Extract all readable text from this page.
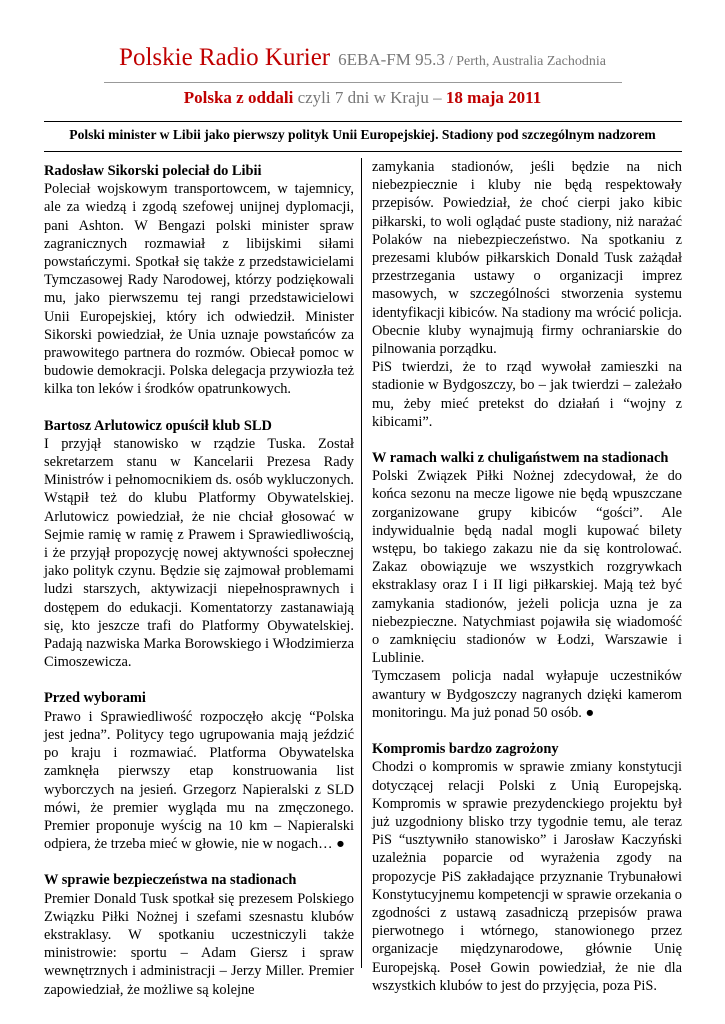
Polskie Radio Kurier 6EBA-FM 95.3 / Perth, Australia Zachodnia
Polska z oddali czyli 7 dni w Kraju – 18 maja 2011
Polski minister w Libii jako pierwszy polityk Unii Europejskiej. Stadiony pod szczególnym nadzorem
Radosław Sikorski poleciał do Libii

Poleciał wojskowym transportowcem, w tajemnicy, ale za wiedzą i zgodą szefowej unijnej dyplomacji, pani Ashton. W Bengazi polski minister spraw zagranicznych rozmawiał z libijskimi siłami powstańczymi. Spotkał się także z przedstawicielami Tymczasowej Rady Narodowej, którzy podziękowali mu, jako pierwszemu tej rangi przedstawicielowi Unii Europejskiej, który ich odwiedził. Minister Sikorski powiedział, że Unia uznaje powstańców za prawowitego partnera do rozmów. Obiecał pomoc w budowie demokracji. Polska delegacja przywiozła też kilka ton leków i środków opatrunkowych.

Bartosz Arlutowicz opuścił klub SLD

I przyjął stanowisko w rządzie Tuska. Został sekretarzem stanu w Kancelarii Prezesa Rady Ministrów i pełnomocnikiem ds. osób wykluczonych. Wstąpił też do klubu Platformy Obywatelskiej. Arlutowicz powiedział, że nie chciał głosować w Sejmie ramię w ramię z Prawem i Sprawiedliwością, i że przyjął propozycję nowej aktywności społecznej jako polityk czynu. Będzie się zajmował problemami ludzi starszych, aktywizacji niepełnosprawnych i dostępem do edukacji. Komentatorzy zastanawiają się, kto jeszcze trafi do Platformy Obywatelskiej. Padają nazwiska Marka Borowskiego i Włodzimierza Cimoszewicza.

Przed wyborami

Prawo i Sprawiedliwość rozpoczęło akcję “Polska jest jedna”. Politycy tego ugrupowania mają jeździć po kraju i rozmawiać. Platforma Obywatelska zamknęła pierwszy etap konstruowania list wyborczych na jesień. Grzegorz Napieralski z SLD mówi, że premier wygląda mu na zmęczonego. Premier proponuje wyścig na 10 km – Napieralski odpiera, że trzeba mieć w głowie, nie w nogach… ●

W sprawie bezpieczeństwa na stadionach

Premier Donald Tusk spotkał się prezesem Polskiego Związku Piłki Nożnej i szefami szesnastu klubów ekstraklasy. W spotkaniu uczestniczyli także ministrowie: sportu – Adam Giersz i spraw wewnętrznych i administracji – Jerzy Miller. Premier zapowiedział, że możliwe są kolejne

zamykania stadionów, jeśli będzie na nich niebezpiecznie i kluby nie będą respektowały przepisów. Powiedział, że choć cierpi jako kibic piłkarski, to woli oglądać puste stadiony, niż narażać Polaków na niebezpieczeństwo. Na spotkaniu z prezesami klubów piłkarskich Donald Tusk zażądał przestrzegania ustawy o organizacji imprez masowych, w szczególności stworzenia systemu identyfikacji kibiców. Na stadiony ma wrócić policja. Obecnie kluby wynajmują firmy ochraniarskie do pilnowania porządku.

PiS twierdzi, że to rząd wywołał zamieszki na stadionie w Bydgoszczy, bo – jak twierdzi – zależało mu, żeby mieć pretekst do działań i “wojny z kibicami”.

W ramach walki z chuligaństwem na stadionach

Polski Związek Piłki Nożnej zdecydował, że do końca sezonu na mecze ligowe nie będą wpuszczane zorganizowane grupy kibiców “gości”. Ale indywidualnie będą nadal mogli kupować bilety wstępu, bo takiego zakazu nie da się kontrolować. Zakaz obowiązuje we wszystkich rozgrywkach ekstraklasy oraz I i II ligi piłkarskiej. Mają też być zamykania stadionów, jeżeli policja uzna je za niebezpieczne. Natychmiast pojawiła się wiadomość o zamknięciu stadionów w Łodzi, Warszawie i Lublinie.

Tymczasem policja nadal wyłapuje uczestników awantury w Bydgoszczy nagranych dzięki kamerom monitoringu. Ma już ponad 50 osób. ●

Kompromis bardzo zagrożony

Chodzi o kompromis w sprawie zmiany konstytucji dotyczącej relacji Polski z Unią Europejską. Kompromis w sprawie prezydenckiego projektu był już uzgodniony blisko trzy tygodnie temu, ale teraz PiS “usztywniło stanowisko” i Jarosław Kaczyński uzależnia poparcie od wyrażenia zgody na propozycje PiS zakładające przyznanie Trybunałowi Konstytucyjnemu kompetencji w sprawie orzekania o zgodności z ustawą zasadniczą przepisów prawa pierwotnego i wtórnego, stanowionego przez organizacje międzynarodowe, głównie Unię Europejską. Poseł Gowin powiedział, że nie dla wszystkich klubów to jest do przyjęcia, poza PiS.
